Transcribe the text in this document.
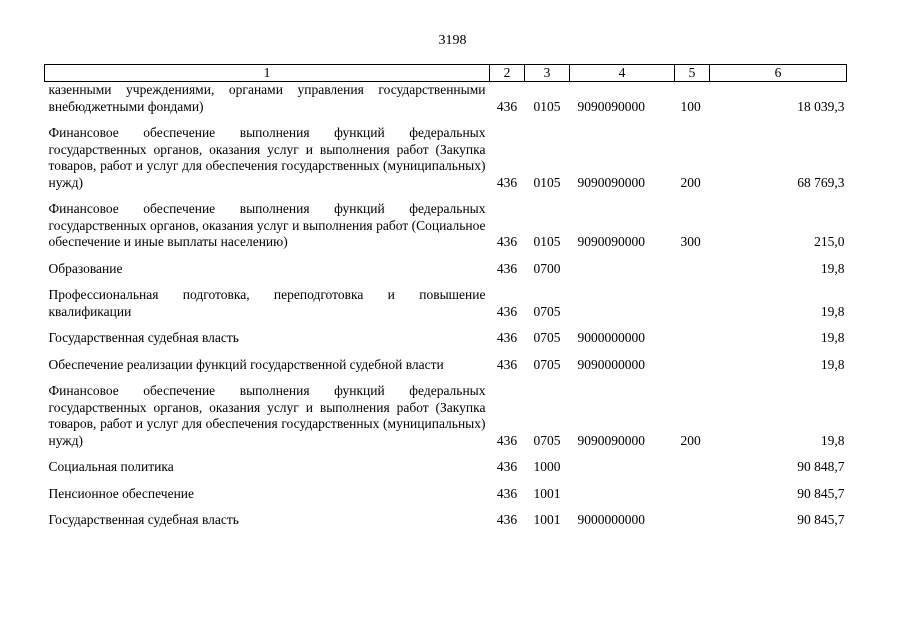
3198
1	2	3	4	5	6
казенными учреждениями, органами управления государственными внебюджетными фондами)	436	0105	9090090000	100	18 039,3

Финансовое обеспечение выполнения функций федеральных государственных органов, оказания услуг и выполнения работ (Закупка товаров, работ и услуг для обеспечения государственных (муниципальных) нужд)	436	0105	9090090000	200	68 769,3

Финансовое обеспечение выполнения функций федеральных государственных органов, оказания услуг и выполнения работ (Социальное обеспечение и иные выплаты населению)	436	0105	9090090000	300	215,0

Образование	436	0700			19,8

Профессиональная подготовка, переподготовка и повышение квалификации	436	0705			19,8

Государственная судебная власть	436	0705	9000000000		19,8

Обеспечение реализации функций государственной судебной власти	436	0705	9090000000		19,8

Финансовое обеспечение выполнения функций федеральных государственных органов, оказания услуг и выполнения работ (Закупка товаров, работ и услуг для обеспечения государственных (муниципальных) нужд)	436	0705	9090090000	200	19,8

Социальная политика	436	1000			90 848,7

Пенсионное обеспечение	436	1001			90 845,7

Государственная судебная власть	436	1001	9000000000		90 845,7
